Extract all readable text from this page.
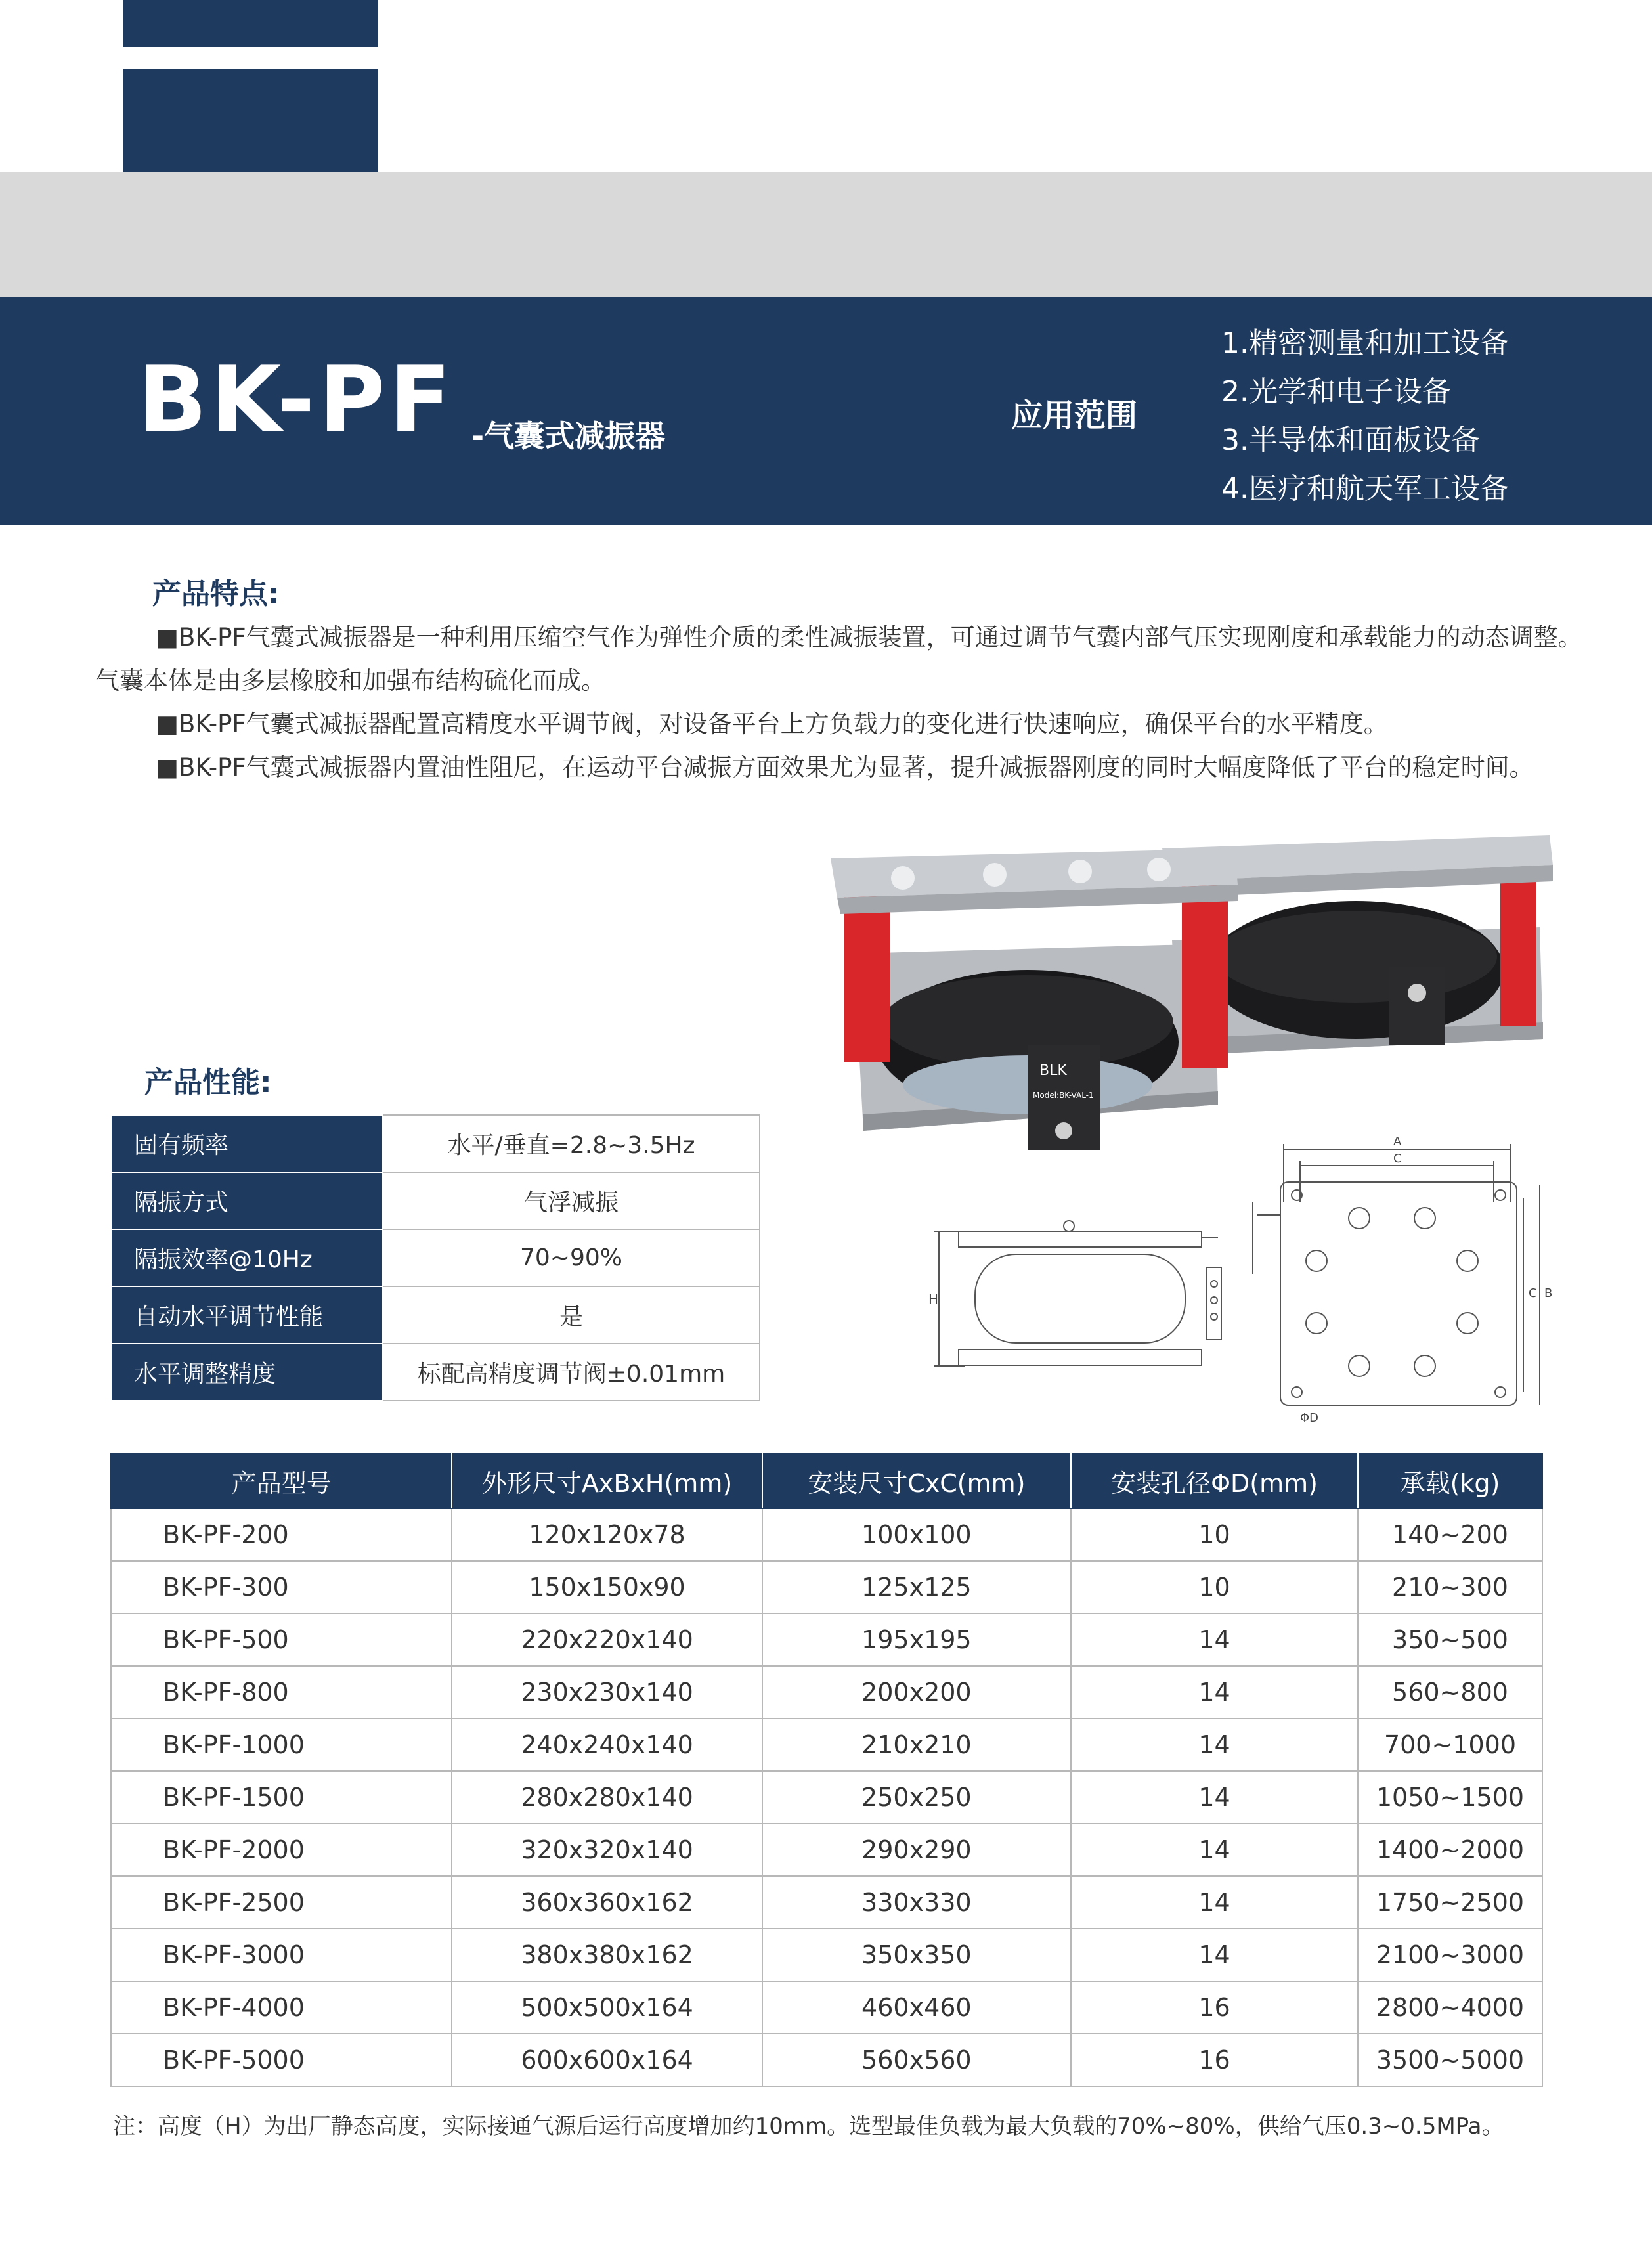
BK-PF -气囊式减振器
应用范围
1.精密测量和加工设备
2.光学和电子设备
3.半导体和面板设备
4.医疗和航天军工设备
产品特点:

■BK-PF气囊式减振器是一种利用压缩空气作为弹性介质的柔性减振装置，可通过调节气囊内部气压实现刚度和承载能力的动态调整。气囊本体是由多层橡胶和加强布结构硫化而成。

■BK-PF气囊式减振器配置高精度水平调节阀，对设备平台上方负载力的变化进行快速响应，确保平台的水平精度。

■BK-PF气囊式减振器内置油性阻尼，在运动平台减振方面效果尤为显著，提升减振器刚度的同时大幅度降低了平台的稳定时间。

BLK
Model:BK-VAL-1
H
A
C
C B
ΦD
产品性能:
固有频率	水平/垂直=2.8~3.5Hz
隔振方式	气浮减振
隔振效率@10Hz	70~90%
自动水平调节性能	是
水平调整精度	标配高精度调节阀±0.01mm
产品型号	外形尺寸AxBxH(mm)	安装尺寸CxC(mm)	安装孔径ΦD(mm)	承载(kg)
BK-PF-200	120x120x78	100x100	10	140~200
BK-PF-300	150x150x90	125x125	10	210~300
BK-PF-500	220x220x140	195x195	14	350~500
BK-PF-800	230x230x140	200x200	14	560~800
BK-PF-1000	240x240x140	210x210	14	700~1000
BK-PF-1500	280x280x140	250x250	14	1050~1500
BK-PF-2000	320x320x140	290x290	14	1400~2000
BK-PF-2500	360x360x162	330x330	14	1750~2500
BK-PF-3000	380x380x162	350x350	14	2100~3000
BK-PF-4000	500x500x164	460x460	16	2800~4000
BK-PF-5000	600x600x164	560x560	16	3500~5000
注：高度（H）为出厂静态高度，实际接通气源后运行高度增加约10mm。选型最佳负载为最大负载的70%~80%，供给气压0.3~0.5MPa。
